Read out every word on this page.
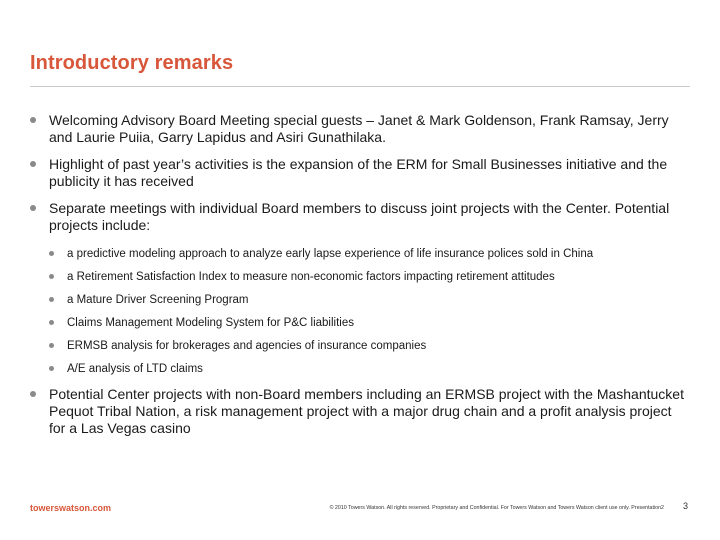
Introductory remarks
Welcoming Advisory Board Meeting special guests – Janet & Mark Goldenson, Frank Ramsay, Jerry and Laurie Puiia, Garry Lapidus and Asiri Gunathilaka.
Highlight of past year’s activities is the expansion of the ERM for Small Businesses initiative and the publicity it has received
Separate meetings with individual Board members to discuss joint projects with the Center. Potential projects include:
a predictive modeling approach to analyze early lapse experience of life insurance polices sold in China
a Retirement Satisfaction Index to measure non-economic factors impacting retirement attitudes
a Mature Driver Screening Program
Claims Management Modeling System for P&C liabilities
ERMSB analysis for brokerages and agencies of insurance companies
A/E analysis of LTD claims
Potential Center projects with non-Board members including an ERMSB project with the Mashantucket Pequot Tribal Nation, a risk management project with a major drug chain and a profit analysis project for a Las Vegas casino
towerswatson.com	© 2010 Towers Watson. All rights reserved. Proprietary and Confidential. For Towers Watson and Towers Watson client use only. Presentation2 3
